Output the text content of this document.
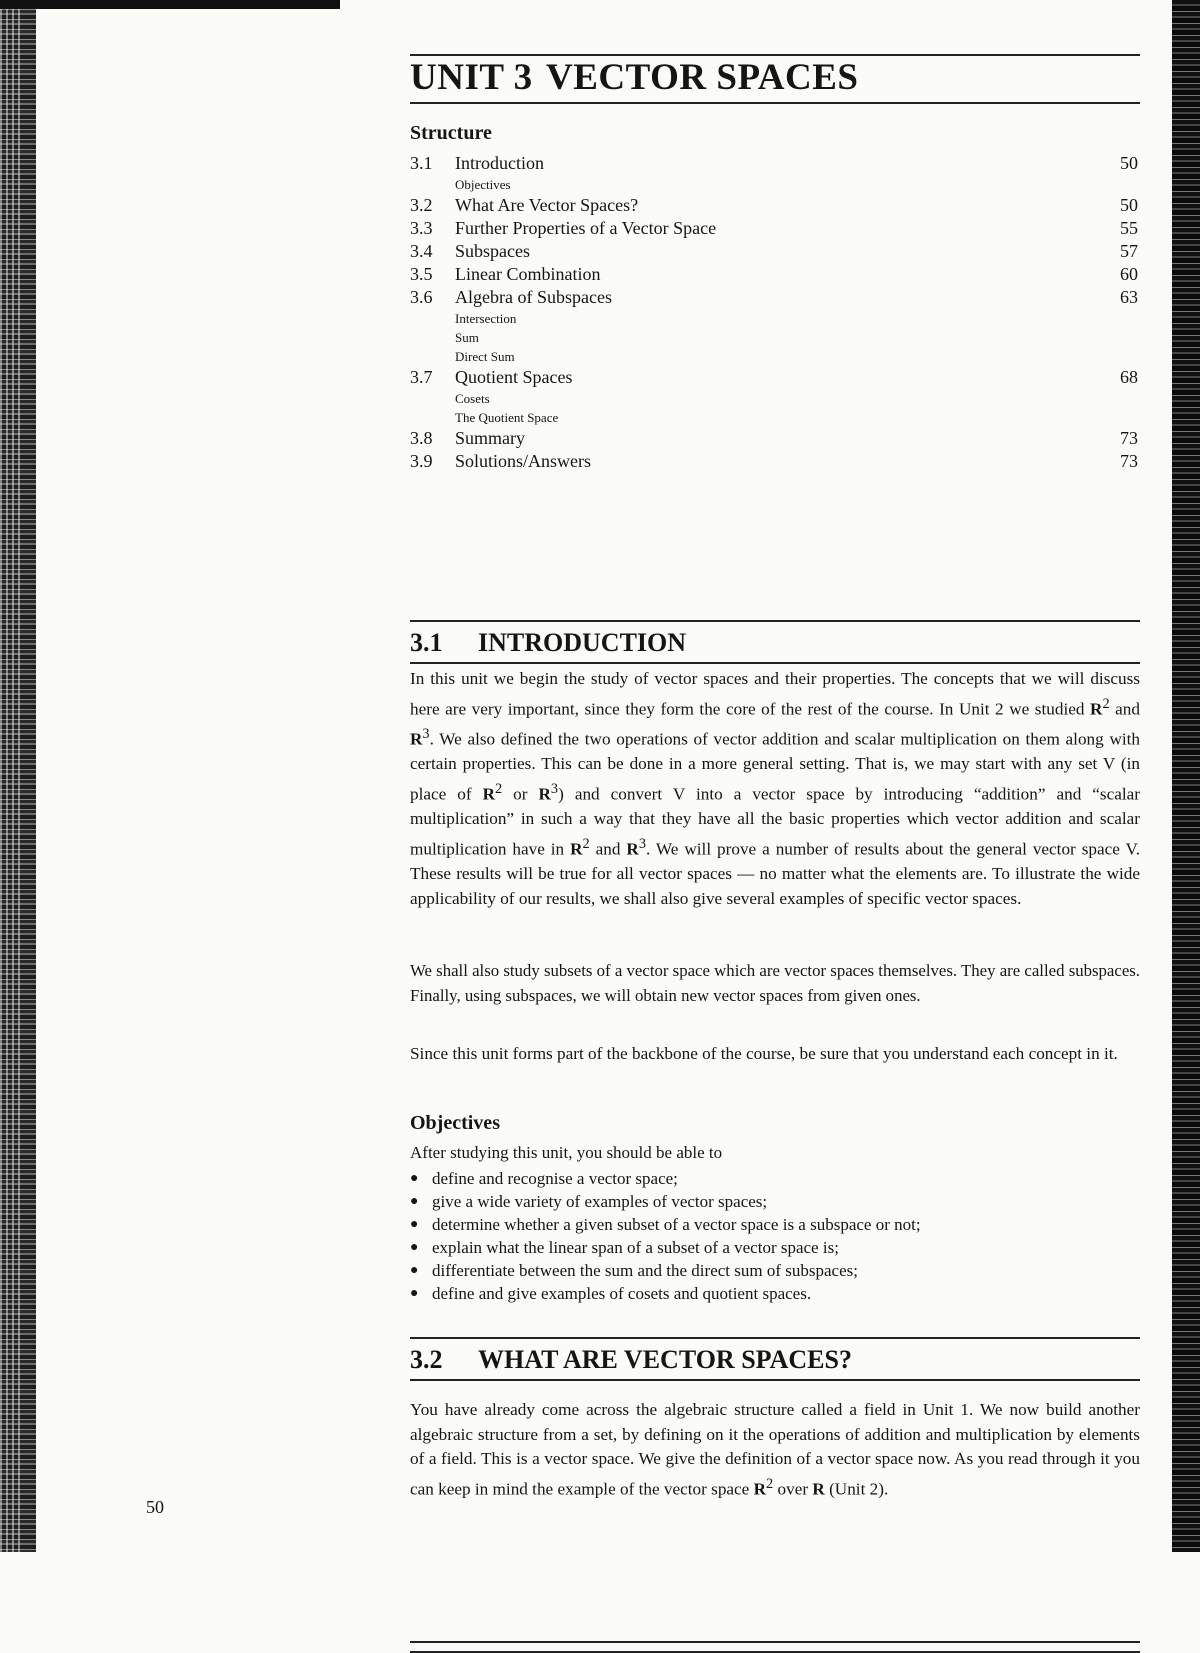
UNIT 3 VECTOR SPACES
Structure
3.1 Introduction	50
Objectives
3.2 What Are Vector Spaces?	50
3.3 Further Properties of a Vector Space	55
3.4 Subspaces	57
3.5 Linear Combination	60
3.6 Algebra of Subspaces	63
Intersection
Sum
Direct Sum
3.7 Quotient Spaces	68
Cosets
The Quotient Space
3.8 Summary	73
3.9 Solutions/Answers	73
3.1 INTRODUCTION

In this unit we begin the study of vector spaces and their properties. The concepts that we will discuss here are very important, since they form the core of the rest of the course. In Unit 2 we studied $R^2$ and $R^3$. We also defined the two operations of vector addition and scalar multiplication on them along with certain properties. This can be done in a more general setting. That is, we may start with any set V (in place of $R^2$ or $R^3$) and convert V into a vector space by introducing “addition” and “scalar multiplication” in such a way that they have all the basic properties which vector addition and scalar multiplication have in $R^2$ and $R^3$. We will prove a number of results about the general vector space V. These results will be true for all vector spaces — no matter what the elements are. To illustrate the wide applicability of our results, we shall also give several examples of specific vector spaces.

We shall also study subsets of a vector space which are vector spaces themselves. They are called subspaces. Finally, using subspaces, we will obtain new vector spaces from given ones.

Since this unit forms part of the backbone of the course, be sure that you understand each concept in it.

Objectives
After studying this unit, you should be able to
● define and recognise a vector space;
● give a wide variety of examples of vector spaces;
● determine whether a given subset of a vector space is a subspace or not;
● explain what the linear span of a subset of a vector space is;
● differentiate between the sum and the direct sum of subspaces;
● define and give examples of cosets and quotient spaces.
3.2 WHAT ARE VECTOR SPACES?

You have already come across the algebraic structure called a field in Unit 1. We now build another algebraic structure from a set, by defining on it the operations of addition and multiplication by elements of a field. This is a vector space. We give the definition of a vector space now. As you read through it you can keep in mind the example of the vector space $R^2$ over R (Unit 2).

50
